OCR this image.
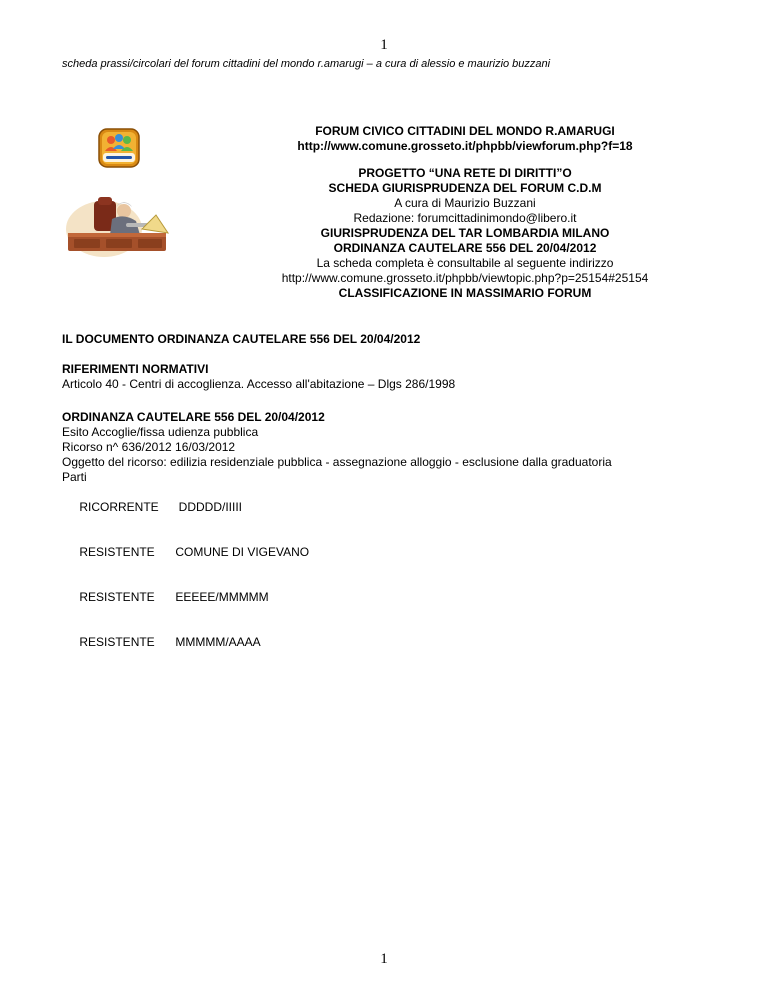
1
scheda prassi/circolari del forum cittadini del mondo r.amarugi – a cura di alessio e maurizio buzzani
FORUM CIVICO CITTADINI DEL MONDO R.AMARUGI
http://www.comune.grosseto.it/phpbb/viewforum.php?f=18
PROGETTO “UNA RETE DI DIRITTI”O
SCHEDA GIURISPRUDENZA DEL FORUM C.D.M
A cura di Maurizio Buzzani
Redazione: forumcittadinimondo@libero.it
GIURISPRUDENZA DEL TAR LOMBARDIA MILANO
ORDINANZA CAUTELARE 556 DEL 20/04/2012
La scheda completa è consultabile al seguente indirizzo
http://www.comune.grosseto.it/phpbb/viewtopic.php?p=25154#25154
CLASSIFICAZIONE IN MASSIMARIO FORUM
IL DOCUMENTO ORDINANZA CAUTELARE 556 DEL 20/04/2012
RIFERIMENTI NORMATIVI
Articolo 40 - Centri di accoglienza. Accesso all'abitazione – Dlgs 286/1998
ORDINANZA CAUTELARE 556 DEL 20/04/2012
Esito Accoglie/fissa udienza pubblica
Ricorso n^ 636/2012 16/03/2012
Oggetto del ricorso: edilizia residenziale pubblica - assegnazione alloggio - esclusione dalla graduatoria
Parti

RICORRENTE DDDDD/IIIII

RESISTENTE COMUNE DI VIGEVANO

RESISTENTE EEEEE/MMMMM

RESISTENTE MMMMM/AAAA

1
